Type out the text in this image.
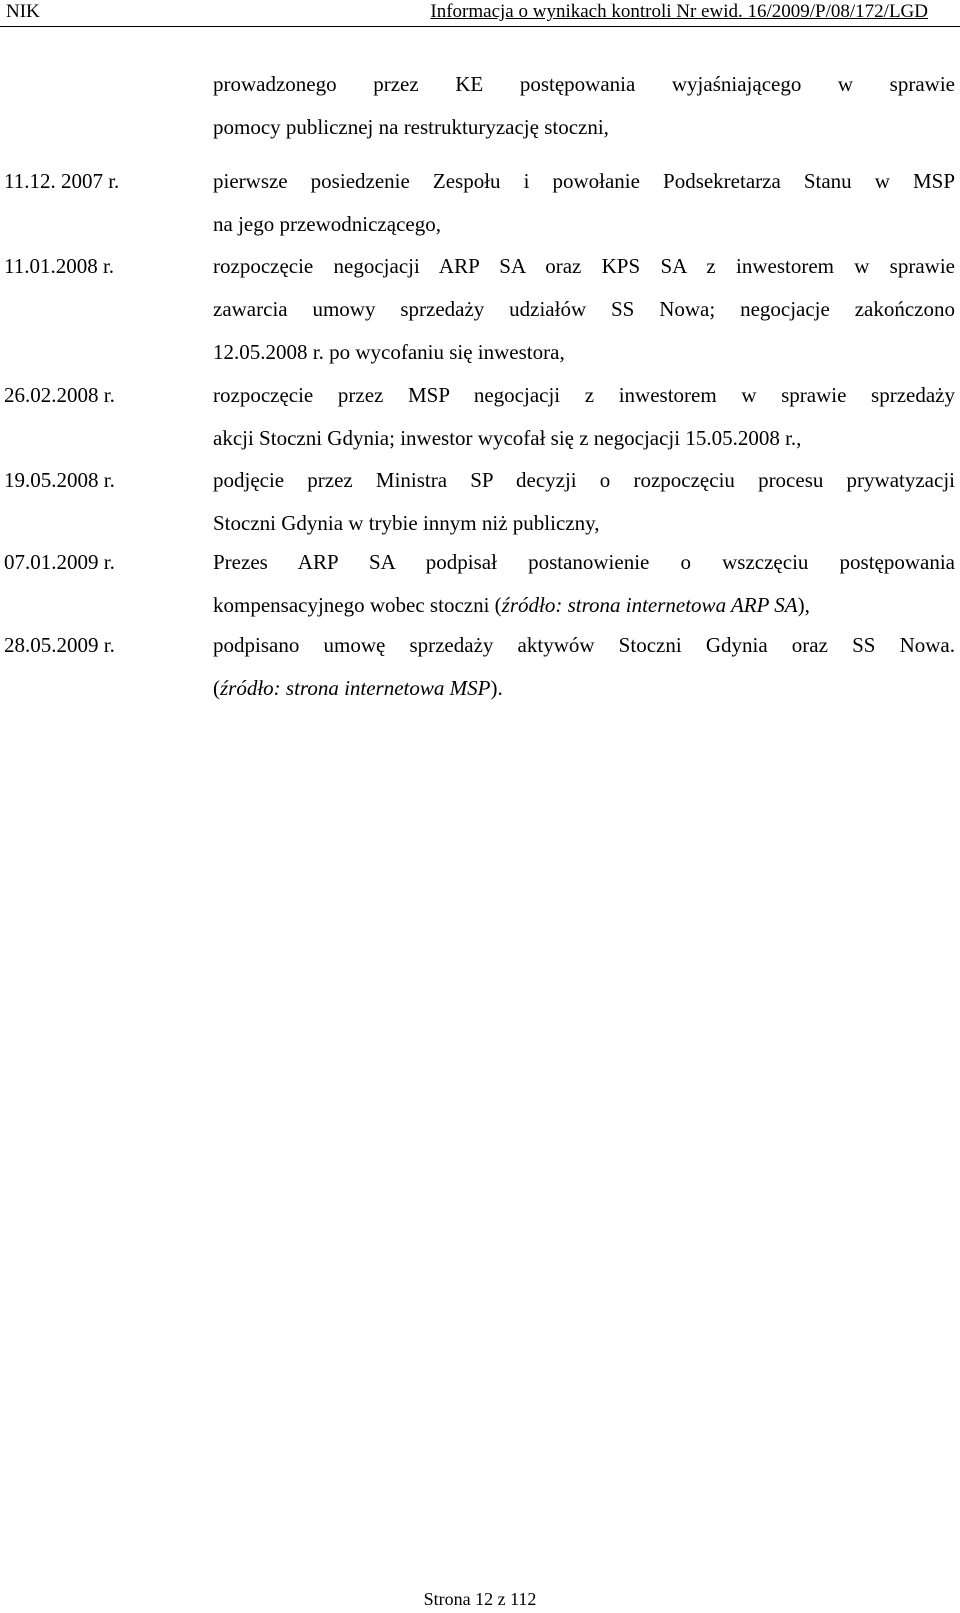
NIK	Informacja o wynikach kontroli Nr ewid. 16/2009/P/08/172/LGD
prowadzonego przez KE postępowania wyjaśniającego w sprawie
pomocy publicznej na restrukturyzację stoczni,
11.12. 2007 r.	pierwsze posiedzenie Zespołu i powołanie Podsekretarza Stanu w MSP
na jego przewodniczącego,
11.01.2008 r.	rozpoczęcie negocjacji ARP SA oraz KPS SA z inwestorem w sprawie
zawarcia umowy sprzedaży udziałów SS Nowa; negocjacje zakończono
12.05.2008 r. po wycofaniu się inwestora,
26.02.2008 r.	rozpoczęcie przez MSP negocjacji z inwestorem w sprawie sprzedaży
akcji Stoczni Gdynia; inwestor wycofał się z negocjacji 15.05.2008 r.,
19.05.2008 r.	podjęcie przez Ministra SP decyzji o rozpoczęciu procesu prywatyzacji
Stoczni Gdynia w trybie innym niż publiczny,
07.01.2009 r.	Prezes ARP SA podpisał postanowienie o wszczęciu postępowania
kompensacyjnego wobec stoczni (źródło: strona internetowa ARP SA),
28.05.2009 r.	podpisano umowę sprzedaży aktywów Stoczni Gdynia oraz SS Nowa.
(źródło: strona internetowa MSP).
Strona 12 z 112
